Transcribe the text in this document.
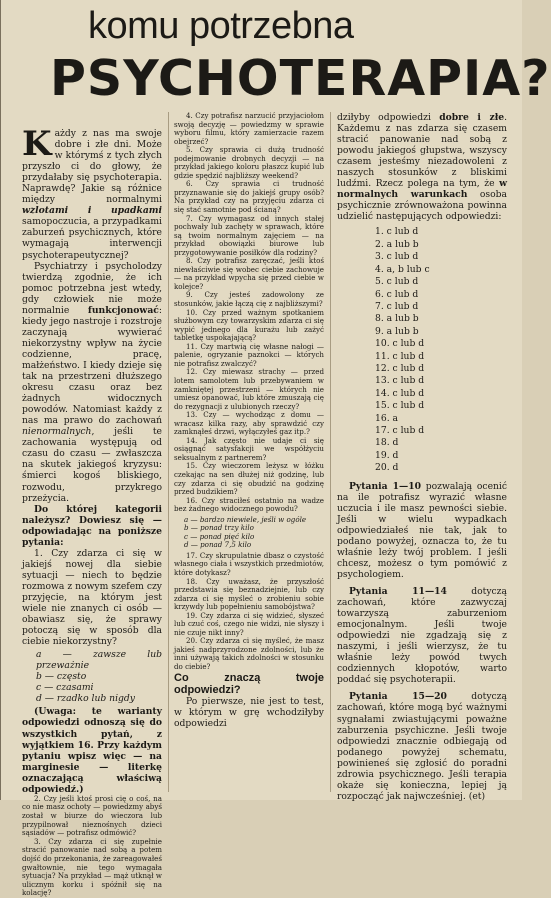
komu potrzebna
PSYCHOTERAPIA?

Każdy z nas ma swoje dobre i złe dni. Może w którymś z tych złych przyszło ci do głowy, że przydałaby się psychoterapia. Naprawdę? Jakie są różnice między normalnymi wzlotami i upadkami samopoczucia, a przypadkami zaburzeń psychicznych, które wymagają interwencji psychoterapeutycznej?

Psychiatrzy i psycholodzy twierdzą zgodnie, że ich pomoc potrzebna jest wtedy, gdy człowiek nie może normalnie funkcjonować: kiedy jego nastroje i rozstroje zaczynają wywierać niekorzystny wpływ na życie codzienne, pracę, małżeństwo. I kiedy dzieje się tak na przestrzeni dłuższego okresu czasu oraz bez żadnych widocznych powodów. Natomiast każdy z nas ma prawo do zachowań nienormalnych, jeśli te zachowania występują od czasu do czasu — zwłaszcza na skutek jakiegoś kryzysu: śmierci kogoś bliskiego, rozwodu, przykrego przeżycia.

Do której kategorii należysz? Dowiesz się — odpowiadając na poniższe pytania:

1. Czy zdarza ci się w jakiejś nowej dla siebie sytuacji — niech to będzie rozmowa z nowym szefem czy przyjęcie, na którym jest wiele nie znanych ci osób — obawiasz się, że sprawy potoczą się w sposób dla ciebie niekorzystny?

a — zawsze lub przeważnie
b — często
c — czasami
d — rzadko lub nigdy

(Uwaga: te warianty odpowiedzi odnoszą się do wszystkich pytań, z wyjątkiem 16. Przy każdym pytaniu wpisz więc — na marginesie — literkę oznaczającą właściwą odpowiedź.)

2. Czy jeśli ktoś prosi cię o coś, na co nie masz ochoty — powiedzmy abyś został w biurze do wieczora lub przypilnował nieznośnych dzieci sąsiadów — potrafisz odmówić?

3. Czy zdarza ci się zupełnie stracić panowanie nad sobą a potem dojść do przekonania, że zareagowałeś gwałtownie, nie tego wymagała sytuacja? Na przykład — mąż utknął w ulicznym korku i spóźnił się na kolację?

4. Czy potrafisz narzucić przyjaciołom swoją decyzję — powiedzmy w sprawie wyboru filmu, który zamierzacie razem obejrzeć?

5. Czy sprawia ci dużą trudność podejmowanie drobnych decyzji — na przykład jakiego koloru płaszcz kupić lub gdzie spędzić najbliższy weekend?

6. Czy sprawia ci trudność przyznawanie się do jakiejś grupy osób? Na przykład czy na przyjęciu zdarza ci się stać samotnie pod ścianą?

7. Czy wymagasz od innych stałej pochwały lub zachęty w sprawach, które są twoim normalnym zajęciem — na przykład obowiązki biurowe lub przygotowywanie posiłków dla rodziny?

8. Czy potrafisz zaręczać, jeśli ktoś niewłaściwie się wobec ciebie zachowuje — na przykład wpycha się przed ciebie w kolejce?

9. Czy jesteś zadowolony ze stosunków, jakie łączą cię z najbliższymi?

10. Czy przed ważnym spotkaniem służbowym czy towarzyskim zdarza ci się wypić jednego dla kurażu lub zażyć tabletkę uspokajającą?

11. Czy martwią cię własne nałogi — palenie, ogryzanie paznokci — których nie potrafisz zwalczyć?

12. Czy miewasz strachy — przed lotem samolotem lub przebywaniem w zamkniętej przestrzeni — których nie umiesz opanować, lub które zmuszają cię do rezygnacji z ulubionych rzeczy?

13. Czy — wychodząc z domu — wracasz kilka razy, aby sprawdzić czy zamknąłeś drzwi, wyłączyłeś gaz itp.?

14. Jak często nie udaje ci się osiągnąć satysfakcji we współżyciu seksualnym z partnerem?

15. Czy wieczorem leżysz w łóżku czekając na sen dłużej niż godzinę, lub czy zdarza ci się obudzić na godzinę przed budzikiem?

16. Czy straciłeś ostatnio na wadze bez żadnego widocznego powodu?

a — bardzo niewiele, jeśli w ogóle
b — ponad trzy kilo
c — ponad pięć kilo
d — ponad 7,5 kilo

17. Czy skrupulatnie dbasz o czystość własnego ciała i wszystkich przedmiotów, które dotykasz?

18. Czy uważasz, że przyszłość przedstawia się beznadziejnie, lub czy zdarza ci się myśleć o zrobieniu sobie krzywdy lub popełnieniu samobójstwa?

19. Czy zdarza ci się widzieć, słyszeć lub czuć coś, czego nie widzi, nie słyszy i nie czuje nikt inny?

20. Czy zdarza ci się myśleć, że masz jakieś nadprzyrodzone zdolności, lub że inni używają takich zdolności w stosunku do ciebie?

Co znaczą twoje odpowiedzi?

Po pierwsze, nie jest to test, w którym w grę wchodziłyby odpowiedzi

dziłyby odpowiedzi dobre i złe. Każdemu z nas zdarza się czasem stracić panowanie nad sobą z powodu jakiegoś głupstwa, wszyscy czasem jesteśmy niezadowoleni z naszych stosunków z bliskimi ludźmi. Rzecz polega na tym, że w normalnych warunkach osoba psychicznie zrównoważona powinna udzielić następujących odpowiedzi:

1. c lub d
2. a lub b
3. c lub d
4. a, b lub c
5. c lub d
6. c lub d
7. c lub d
8. a lub b
9. a lub b
10. c lub d
11. c lub d
12. c lub d
13. c lub d
14. c lub d
15. c lub d
16. a
17. c lub d
18. d
19. d
20. d

Pytania 1—10 pozwalają ocenić na ile potrafisz wyrazić własne uczucia i ile masz pewności siebie. Jeśli w wielu wypadkach odpowiedziałeś nie tak, jak to podano powyżej, oznacza to, że tu właśnie leży twój problem. I jeśli chcesz, możesz o tym pomówić z psychologiem.

Pytania 11—14 dotyczą zachowań, które zazwyczaj towarzyszą zaburzeniom emocjonalnym. Jeśli twoje odpowiedzi nie zgadzają się z naszymi, i jeśli wierzysz, że tu właśnie leży powód twych codziennych kłopotów, warto poddać się psychoterapii.

Pytania 15—20 dotyczą zachowań, które mogą być ważnymi sygnałami zwiastującymi poważne zaburzenia psychiczne. Jeśli twoje odpowiedzi znacznie odbiegają od podanego powyżej schematu, powinieneś się zgłosić do poradni zdrowia psychicznego. Jeśli terapia okaże się konieczna, lepiej ją rozpocząć jak najwcześniej. (et)
